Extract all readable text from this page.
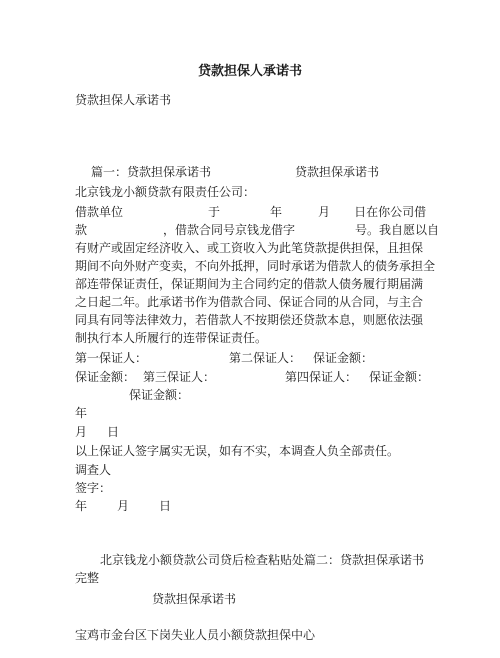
贷款担保人承诺书
贷款担保人承诺书
篇一：贷款担保承诺书	贷款担保承诺书
北京钱龙小额贷款有限责任公司：
借款单位	于	年	月 日在你公司借
款	，借款合同号京钱龙借字	号。我自愿以自
有财产或固定经济收入、或工资收入为此笔贷款提供担保，且担保
期间不向外财产变卖，不向外抵押，同时承诺为借款人的债务承担全
部连带保证责任，保证期间为主合同约定的借款人债务履行期届满
之日起二年。此承诺书作为借款合同、保证合同的从合同，与主合
同具有同等法律效力，若借款人不按期偿还贷款本息，则愿依法强
制执行本人所履行的连带保证责任。
第一保证人：	第二保证人： 保证金额：
保证金额： 第三保证人：	第四保证人： 保证金额：
保证金额：
年
月 日
以上保证人签字属实无误，如有不实，本调查人负全部责任。
调查人
签字：
年	月	日
北京钱龙小额贷款公司贷后检查粘贴处篇二：贷款担保承诺书
完整
贷款担保承诺书
宝鸡市金台区下岗失业人员小额贷款担保中心
